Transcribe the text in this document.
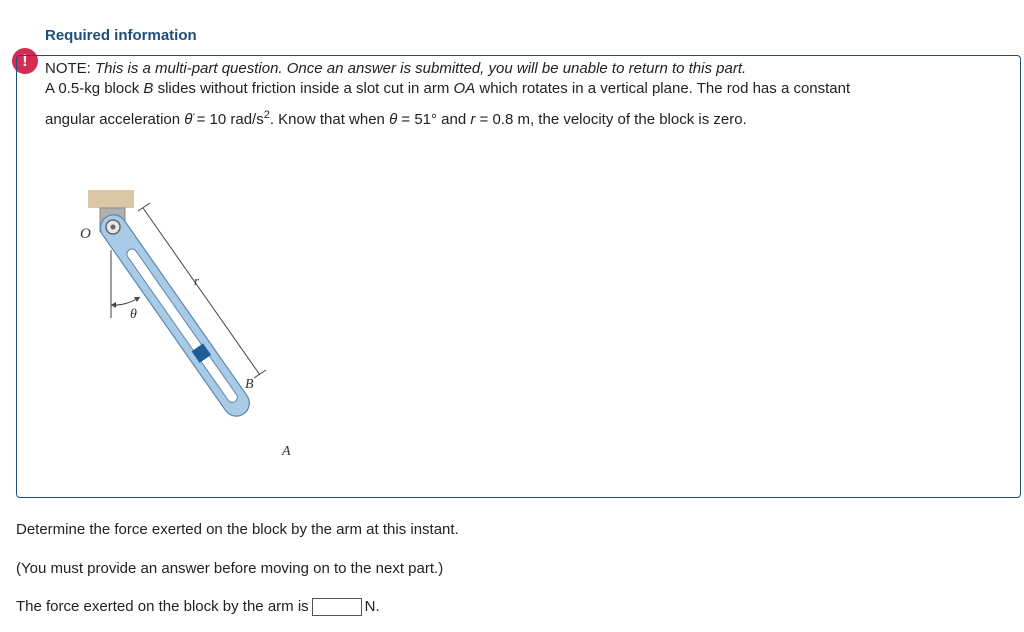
!
Required information
NOTE: This is a multi-part question. Once an answer is submitted, you will be unable to return to this part.
A 0.5-kg block B slides without friction inside a slot cut in arm OA which rotates in a vertical plane. The rod has a constant
angular acceleration θ̈ = 10 rad/$s^2$. Know that when θ = 51° and r = 0.8 m, the velocity of the block is zero.
O
θ
r
B
A
Determine the force exerted on the block by the arm at this instant.
(You must provide an answer before moving on to the next part.)
The force exerted on the block by the arm is	N.
